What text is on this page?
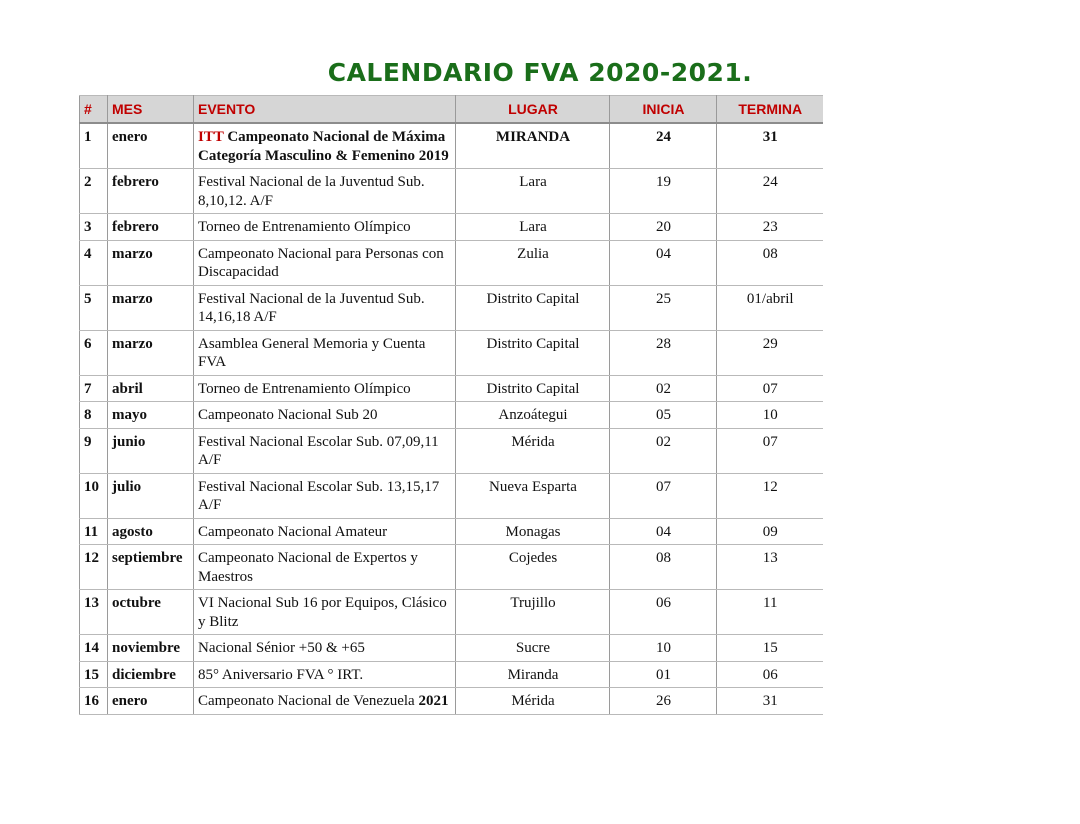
CALENDARIO FVA 2020-2021.
#	MES	EVENTO	LUGAR	INICIA	TERMINA
1	enero	ITT Campeonato Nacional de Máxima Categoría Masculino & Femenino 2019	MIRANDA	24	31
2	febrero	Festival Nacional de la Juventud Sub. 8,10,12. A/F	Lara	19	24
3	febrero	Torneo de Entrenamiento Olímpico	Lara	20	23
4	marzo	Campeonato Nacional para Personas con Discapacidad	Zulia	04	08
5	marzo	Festival Nacional de la Juventud Sub. 14,16,18 A/F	Distrito Capital	25	01/abril
6	marzo	Asamblea General Memoria y Cuenta FVA	Distrito Capital	28	29
7	abril	Torneo de Entrenamiento Olímpico	Distrito Capital	02	07
8	mayo	Campeonato Nacional Sub 20	Anzoátegui	05	10
9	junio	Festival Nacional Escolar Sub. 07,09,11 A/F	Mérida	02	07
10	julio	Festival Nacional Escolar Sub. 13,15,17 A/F	Nueva Esparta	07	12
11	agosto	Campeonato Nacional Amateur	Monagas	04	09
12	septiembre	Campeonato Nacional de Expertos y Maestros	Cojedes	08	13
13	octubre	VI Nacional Sub 16 por Equipos, Clásico y Blitz	Trujillo	06	11
14	noviembre	Nacional Sénior +50 & +65	Sucre	10	15
15	diciembre	85° Aniversario FVA ° IRT.	Miranda	01	06
16	enero	Campeonato Nacional de Venezuela 2021	Mérida	26	31
